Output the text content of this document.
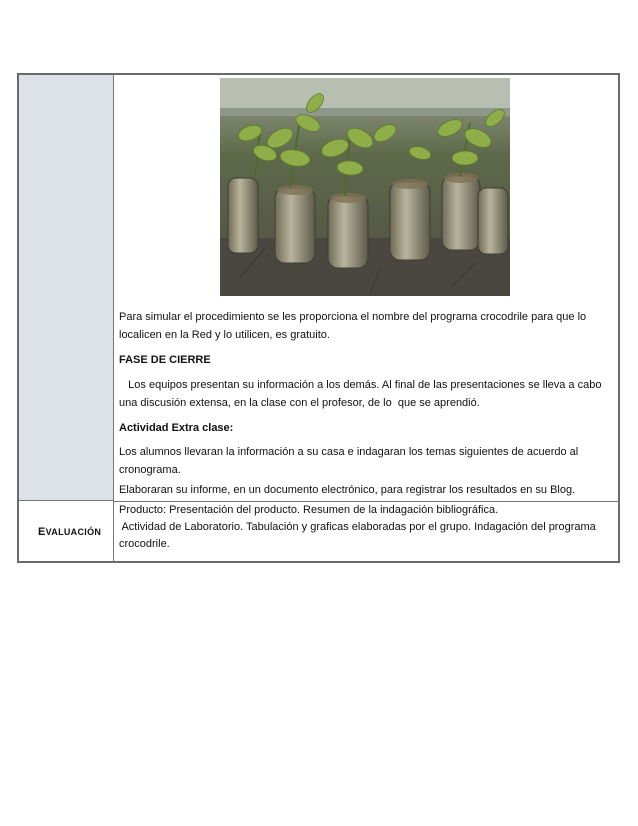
E VALUACIÓN
Para simular el procedimiento se les proporciona el nombre del programa crocodrile para que lo localicen en la Red y lo utilicen, es gratuito.
FASE DE CIERRE
Los equipos presentan su información a los demás. Al final de las presentaciones se lleva a cabo una discusión extensa, en la clase con el profesor, de lo  que se aprendió.
Actividad Extra clase:
Los alumnos llevaran la información a su casa e indagaran los temas siguientes de acuerdo al cronograma.
Elaboraran su informe, en un documento electrónico, para registrar los resultados en su Blog.
Producto: Presentación del producto. Resumen de la indagación bibliográfica.
Actividad de Laboratorio. Tabulación y graficas elaboradas por el grupo. Indagación del programa
crocodrile.
